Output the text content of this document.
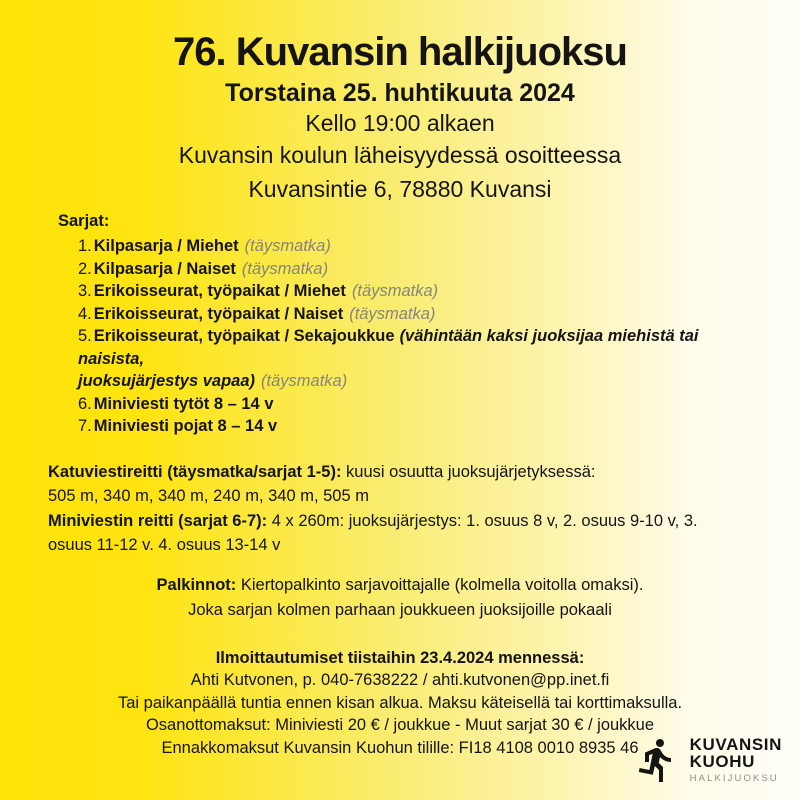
76. Kuvansin halkijuoksu
Torstaina 25. huhtikuuta 2024
Kello 19:00 alkaen
Kuvansin koulun läheisyydessä osoitteessa
Kuvansintie 6, 78880 Kuvansi
Sarjat:
1. Kilpasarja / Miehet (täysmatka)
2. Kilpasarja / Naiset (täysmatka)
3. Erikoisseurat, työpaikat / Miehet (täysmatka)
4. Erikoisseurat, työpaikat / Naiset (täysmatka)
5. Erikoisseurat, työpaikat / Sekajoukkue (vähintään kaksi juoksijaa miehistä tai naisista,
juoksujärjestys vapaa) (täysmatka)
6. Miniviesti tytöt 8 – 14 v
7. Miniviesti pojat 8 – 14 v
Katuviestireitti (täysmatka/sarjat 1-5): kuusi osuutta juoksujärjetyksessä:
505 m, 340 m, 340 m, 240 m, 340 m, 505 m
Miniviestin reitti (sarjat 6-7): 4 x 260m: juoksujärjestys: 1. osuus 8 v, 2. osuus 9-10 v, 3.
osuus 11-12 v. 4. osuus 13-14 v
Palkinnot: Kiertopalkinto sarjavoittajalle (kolmella voitolla omaksi).
Joka sarjan kolmen parhaan joukkueen juoksijoille pokaali
Ilmoittautumiset tiistaihin 23.4.2024 mennessä:
Ahti Kutvonen, p. 040-7638222 / ahti.kutvonen@pp.inet.fi
Tai paikanpäällä tuntia ennen kisan alkua. Maksu käteisellä tai korttimaksulla.
Osanottomaksut: Miniviesti 20 € / joukkue - Muut sarjat 30 € / joukkue
Ennakkomaksut Kuvansin Kuohun tilille: FI18 4108 0010 8935 46	KUVANSIN
KUOHU
HALKIJUOKSU
